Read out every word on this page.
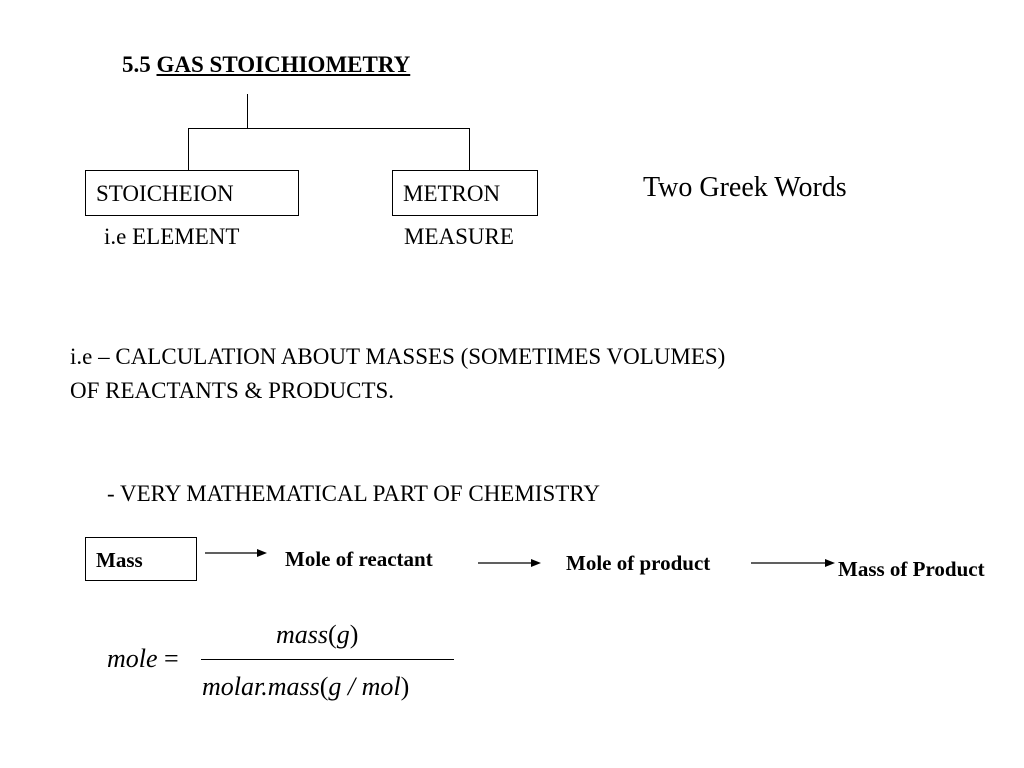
5.5 GAS STOICHIOMETRY
STOICHEION	METRON
i.e ELEMENT	MEASURE
Two Greek Words
i.e – CALCULATION ABOUT MASSES (SOMETIMES VOLUMES)
OF REACTANTS & PRODUCTS.
- VERY MATHEMATICAL PART OF CHEMISTRY
Mass	Mole of reactant	Mole of product	Mass of Product
mole =
mass(g)
molar.mass(g / mol)
